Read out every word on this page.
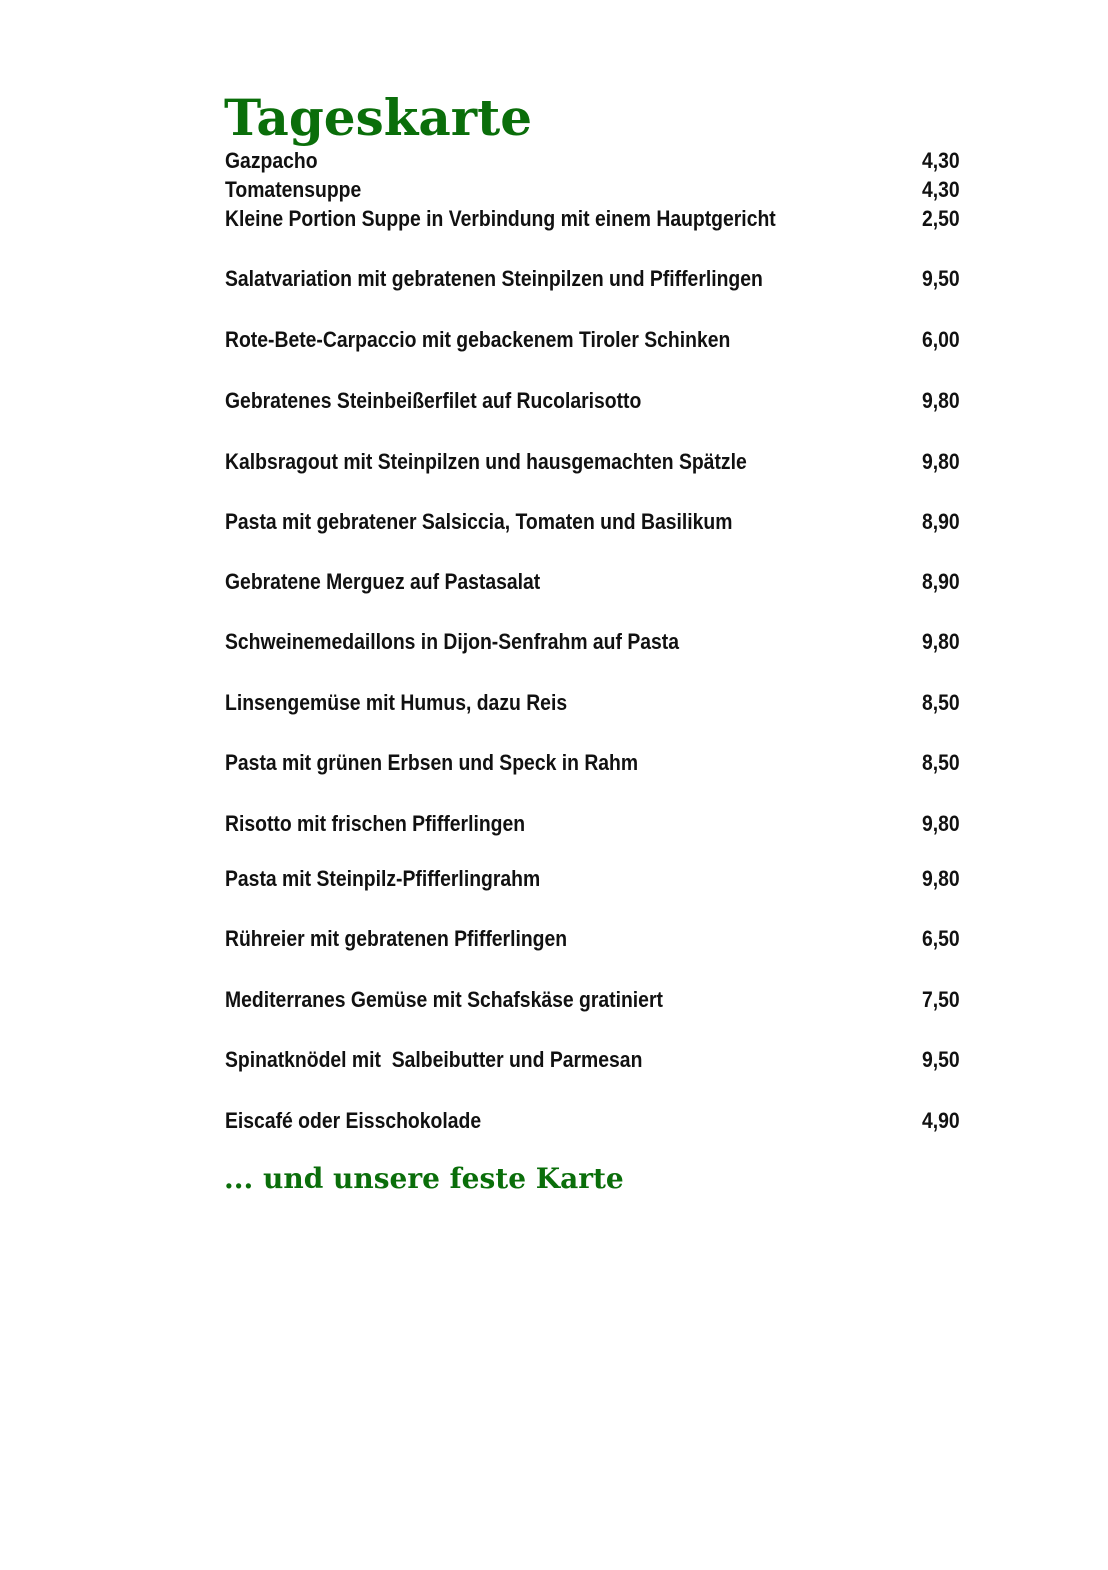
Tageskarte
Gazpacho	4,30
Tomatensuppe	4,30
Kleine Portion Suppe in Verbindung mit einem Hauptgericht	2,50
Salatvariation mit gebratenen Steinpilzen und Pfifferlingen	9,50
Rote-Bete-Carpaccio mit gebackenem Tiroler Schinken	6,00
Gebratenes Steinbeißerfilet auf Rucolarisotto	9,80
Kalbsragout mit Steinpilzen und hausgemachten Spätzle	9,80
Pasta mit gebratener Salsiccia, Tomaten und Basilikum	8,90
Gebratene Merguez auf Pastasalat	8,90
Schweinemedaillons in Dijon-Senfrahm auf Pasta	9,80
Linsengemüse mit Humus, dazu Reis	8,50
Pasta mit grünen Erbsen und Speck in Rahm	8,50
Risotto mit frischen Pfifferlingen	9,80
Pasta mit Steinpilz-Pfifferlingrahm	9,80
Rühreier mit gebratenen Pfifferlingen	6,50
Mediterranes Gemüse mit Schafskäse gratiniert	7,50
Spinatknödel mit  Salbeibutter und Parmesan	9,50
Eiscafé oder Eisschokolade	4,90
... und unsere feste Karte
